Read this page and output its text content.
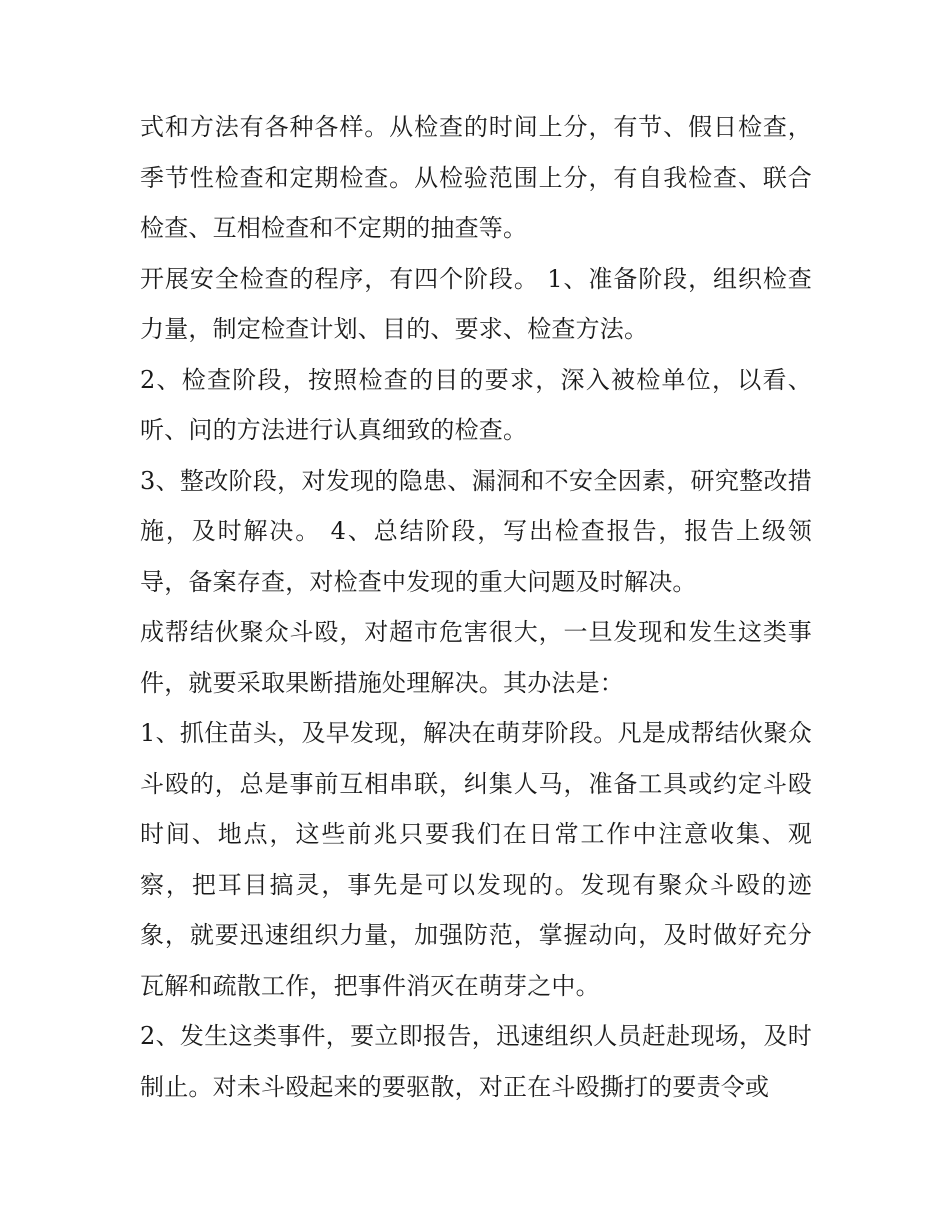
式和方法有各种各样。从检查的时间上分，有节、假日检查，季节性检查和定期检查。从检验范围上分，有自我检查、联合检查、互相检查和不定期的抽查等。

开展安全检查的程序，有四个阶段。 1、准备阶段，组织检查力量，制定检查计划、目的、要求、检查方法。

2、检查阶段，按照检查的目的要求，深入被检单位，以看、听、问的方法进行认真细致的检查。

3、整改阶段，对发现的隐患、漏洞和不安全因素，研究整改措施，及时解决。 4、总结阶段，写出检查报告，报告上级领导，备案存查，对检查中发现的重大问题及时解决。

成帮结伙聚众斗殴，对超市危害很大，一旦发现和发生这类事件，就要采取果断措施处理解决。其办法是：

1、抓住苗头，及早发现，解决在萌芽阶段。凡是成帮结伙聚众斗殴的，总是事前互相串联，纠集人马，准备工具或约定斗殴时间、地点，这些前兆只要我们在日常工作中注意收集、观察，把耳目搞灵，事先是可以发现的。发现有聚众斗殴的迹象，就要迅速组织力量，加强防范，掌握动向，及时做好充分瓦解和疏散工作，把事件消灭在萌芽之中。

2、发生这类事件，要立即报告，迅速组织人员赶赴现场，及时制止。对未斗殴起来的要驱散，对正在斗殴撕打的要责令或
